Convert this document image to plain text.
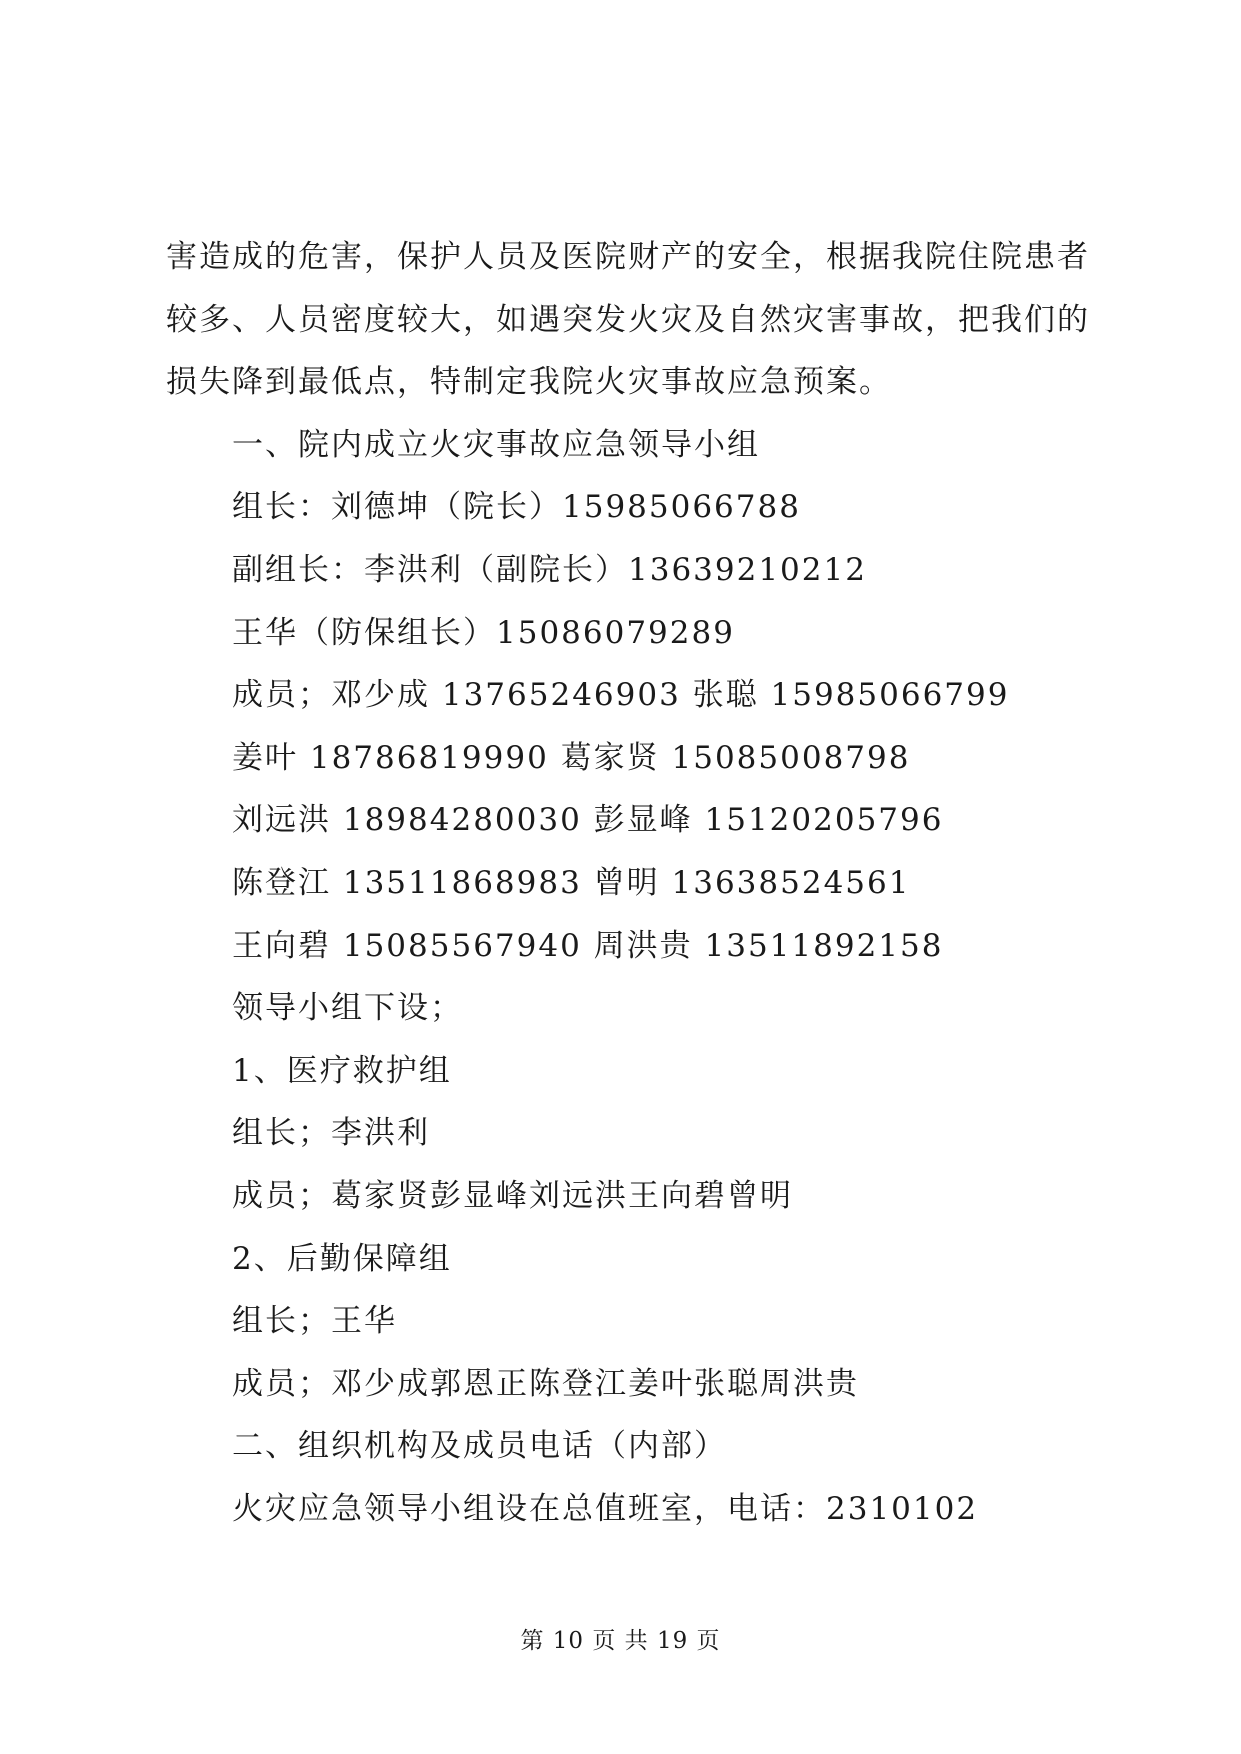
害造成的危害，保护人员及医院财产的安全，根据我院住院患者
较多、人员密度较大，如遇突发火灾及自然灾害事故，把我们的
损失降到最低点，特制定我院火灾事故应急预案。
一、院内成立火灾事故应急领导小组
组长：刘德坤（院长）15985066788
副组长：李洪利（副院长）13639210212
王华（防保组长）15086079289
成员；邓少成 13765246903 张聪 15985066799
姜叶 18786819990 葛家贤 15085008798
刘远洪 18984280030 彭显峰 15120205796
陈登江 13511868983 曾明 13638524561
王向碧 15085567940 周洪贵 13511892158
领导小组下设；
1、医疗救护组
组长；李洪利
成员；葛家贤彭显峰刘远洪王向碧曾明
2、后勤保障组
组长；王华
成员；邓少成郭恩正陈登江姜叶张聪周洪贵
二、组织机构及成员电话（内部）
火灾应急领导小组设在总值班室，电话：2310102
第 10 页 共 19 页
